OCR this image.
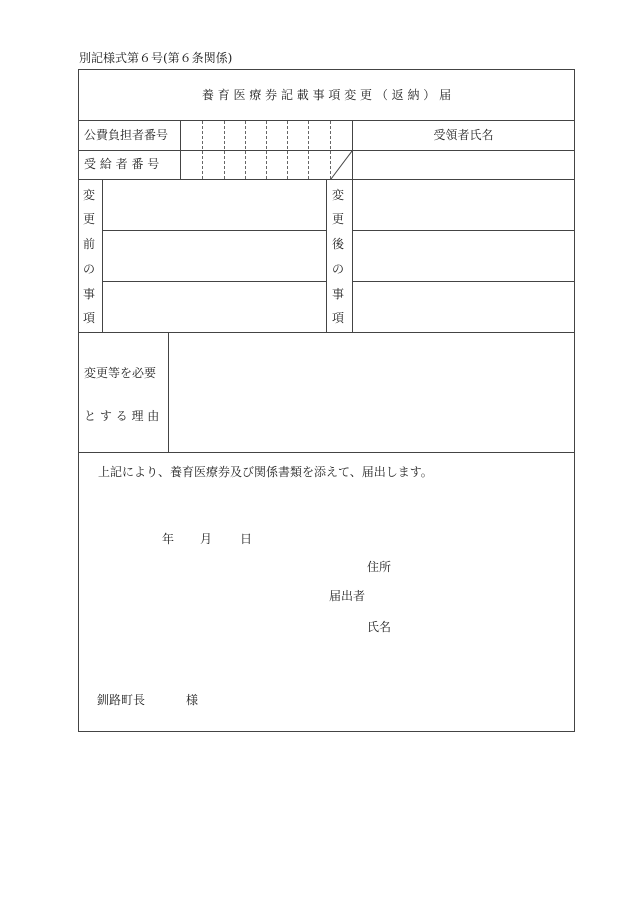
別記様式第６号(第６条関係)
養 育 医 療 券 記 載 事 項 変 更 （ 返 納 ） 届
公費負担者番号
受 給 者 番 号
受領者氏名
変
更
前
の
事
項
変
更
後
の
事
項
変更等を必要
と す る 理 由
上記により、養育医療券及び関係書類を添えて、届出します。
年 月 日
住所
届出者
氏名
釧路町長	様
